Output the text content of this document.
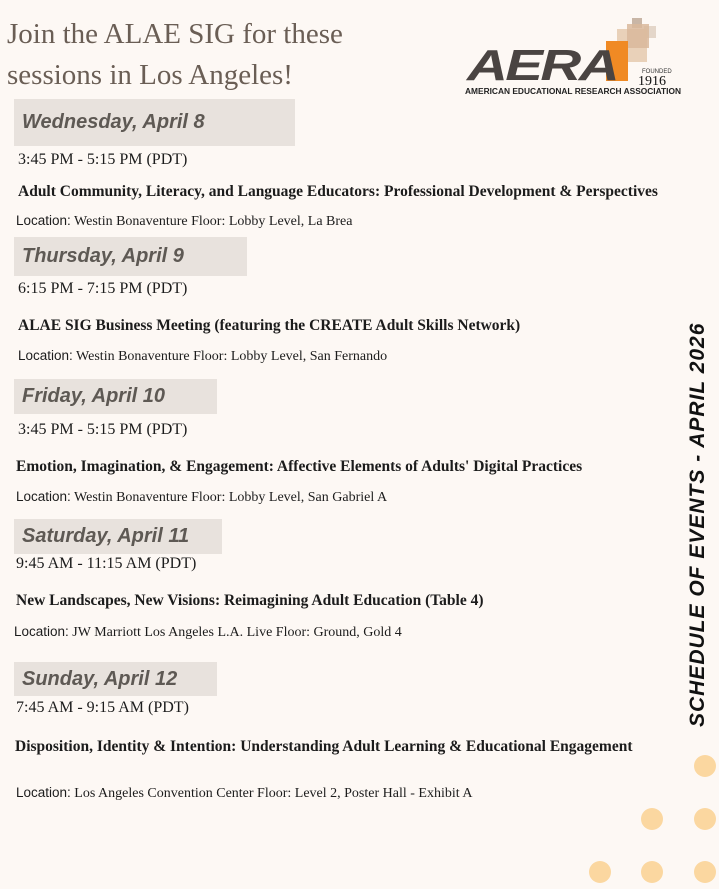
Join the ALAE SIG for these
sessions in Los Angeles!	AERA	FOUNDED
1916
AMERICAN EDUCATIONAL RESEARCH ASSOCIATION
SCHEDULE OF EVENTS - APRIL 2026
Wednesday, April 8
3:45 PM - 5:15 PM (PDT)
Adult Community, Literacy, and Language Educators: Professional Development & Perspectives
Location: Westin Bonaventure Floor: Lobby Level, La Brea
Thursday, April 9
6:15 PM - 7:15 PM (PDT)
ALAE SIG Business Meeting (featuring the CREATE Adult Skills Network)
Location: Westin Bonaventure Floor: Lobby Level, San Fernando
Friday, April 10
3:45 PM - 5:15 PM (PDT)
Emotion, Imagination, & Engagement: Affective Elements of Adults' Digital Practices
Location: Westin Bonaventure Floor: Lobby Level, San Gabriel A
Saturday, April 11
9:45 AM - 11:15 AM (PDT)
New Landscapes, New Visions: Reimagining Adult Education (Table 4)
Location: JW Marriott Los Angeles L.A. Live Floor: Ground, Gold 4
Sunday, April 12
7:45 AM - 9:15 AM (PDT)
Disposition, Identity & Intention: Understanding Adult Learning & Educational Engagement
Location: Los Angeles Convention Center Floor: Level 2, Poster Hall - Exhibit A
